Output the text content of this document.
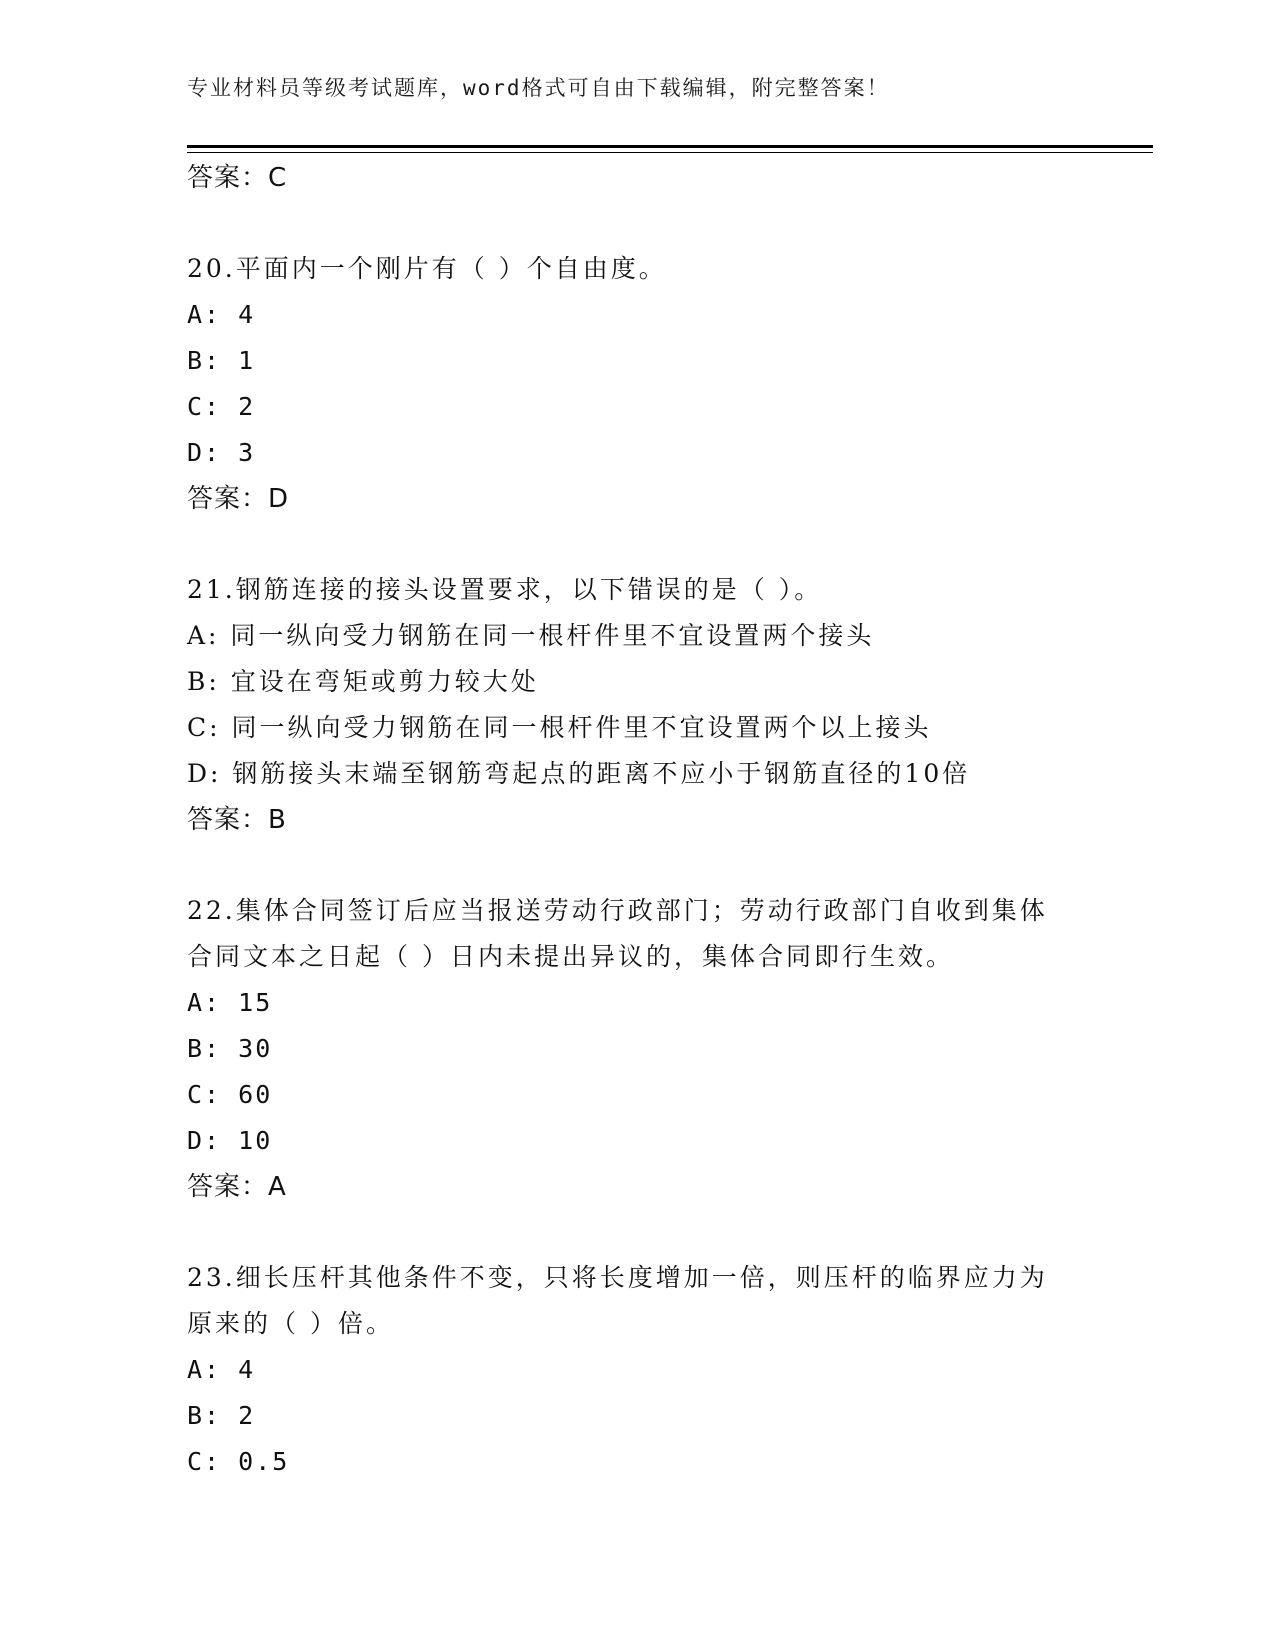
专业材料员等级考试题库，word格式可自由下载编辑，附完整答案！
答案：C
20.平面内一个刚片有（ ）个自由度。
A: 4
B: 1
C: 2
D: 3
答案：D
21.钢筋连接的接头设置要求，以下错误的是（ ）。
A: 同一纵向受力钢筋在同一根杆件里不宜设置两个接头
B: 宜设在弯矩或剪力较大处
C: 同一纵向受力钢筋在同一根杆件里不宜设置两个以上接头
D: 钢筋接头末端至钢筋弯起点的距离不应小于钢筋直径的10倍
答案：B
22.集体合同签订后应当报送劳动行政部门；劳动行政部门自收到集体
合同文本之日起（ ）日内未提出异议的，集体合同即行生效。
A: 15
B: 30
C: 60
D: 10
答案：A
23.细长压杆其他条件不变，只将长度增加一倍，则压杆的临界应力为
原来的（ ）倍。
A: 4
B: 2
C: 0.5
